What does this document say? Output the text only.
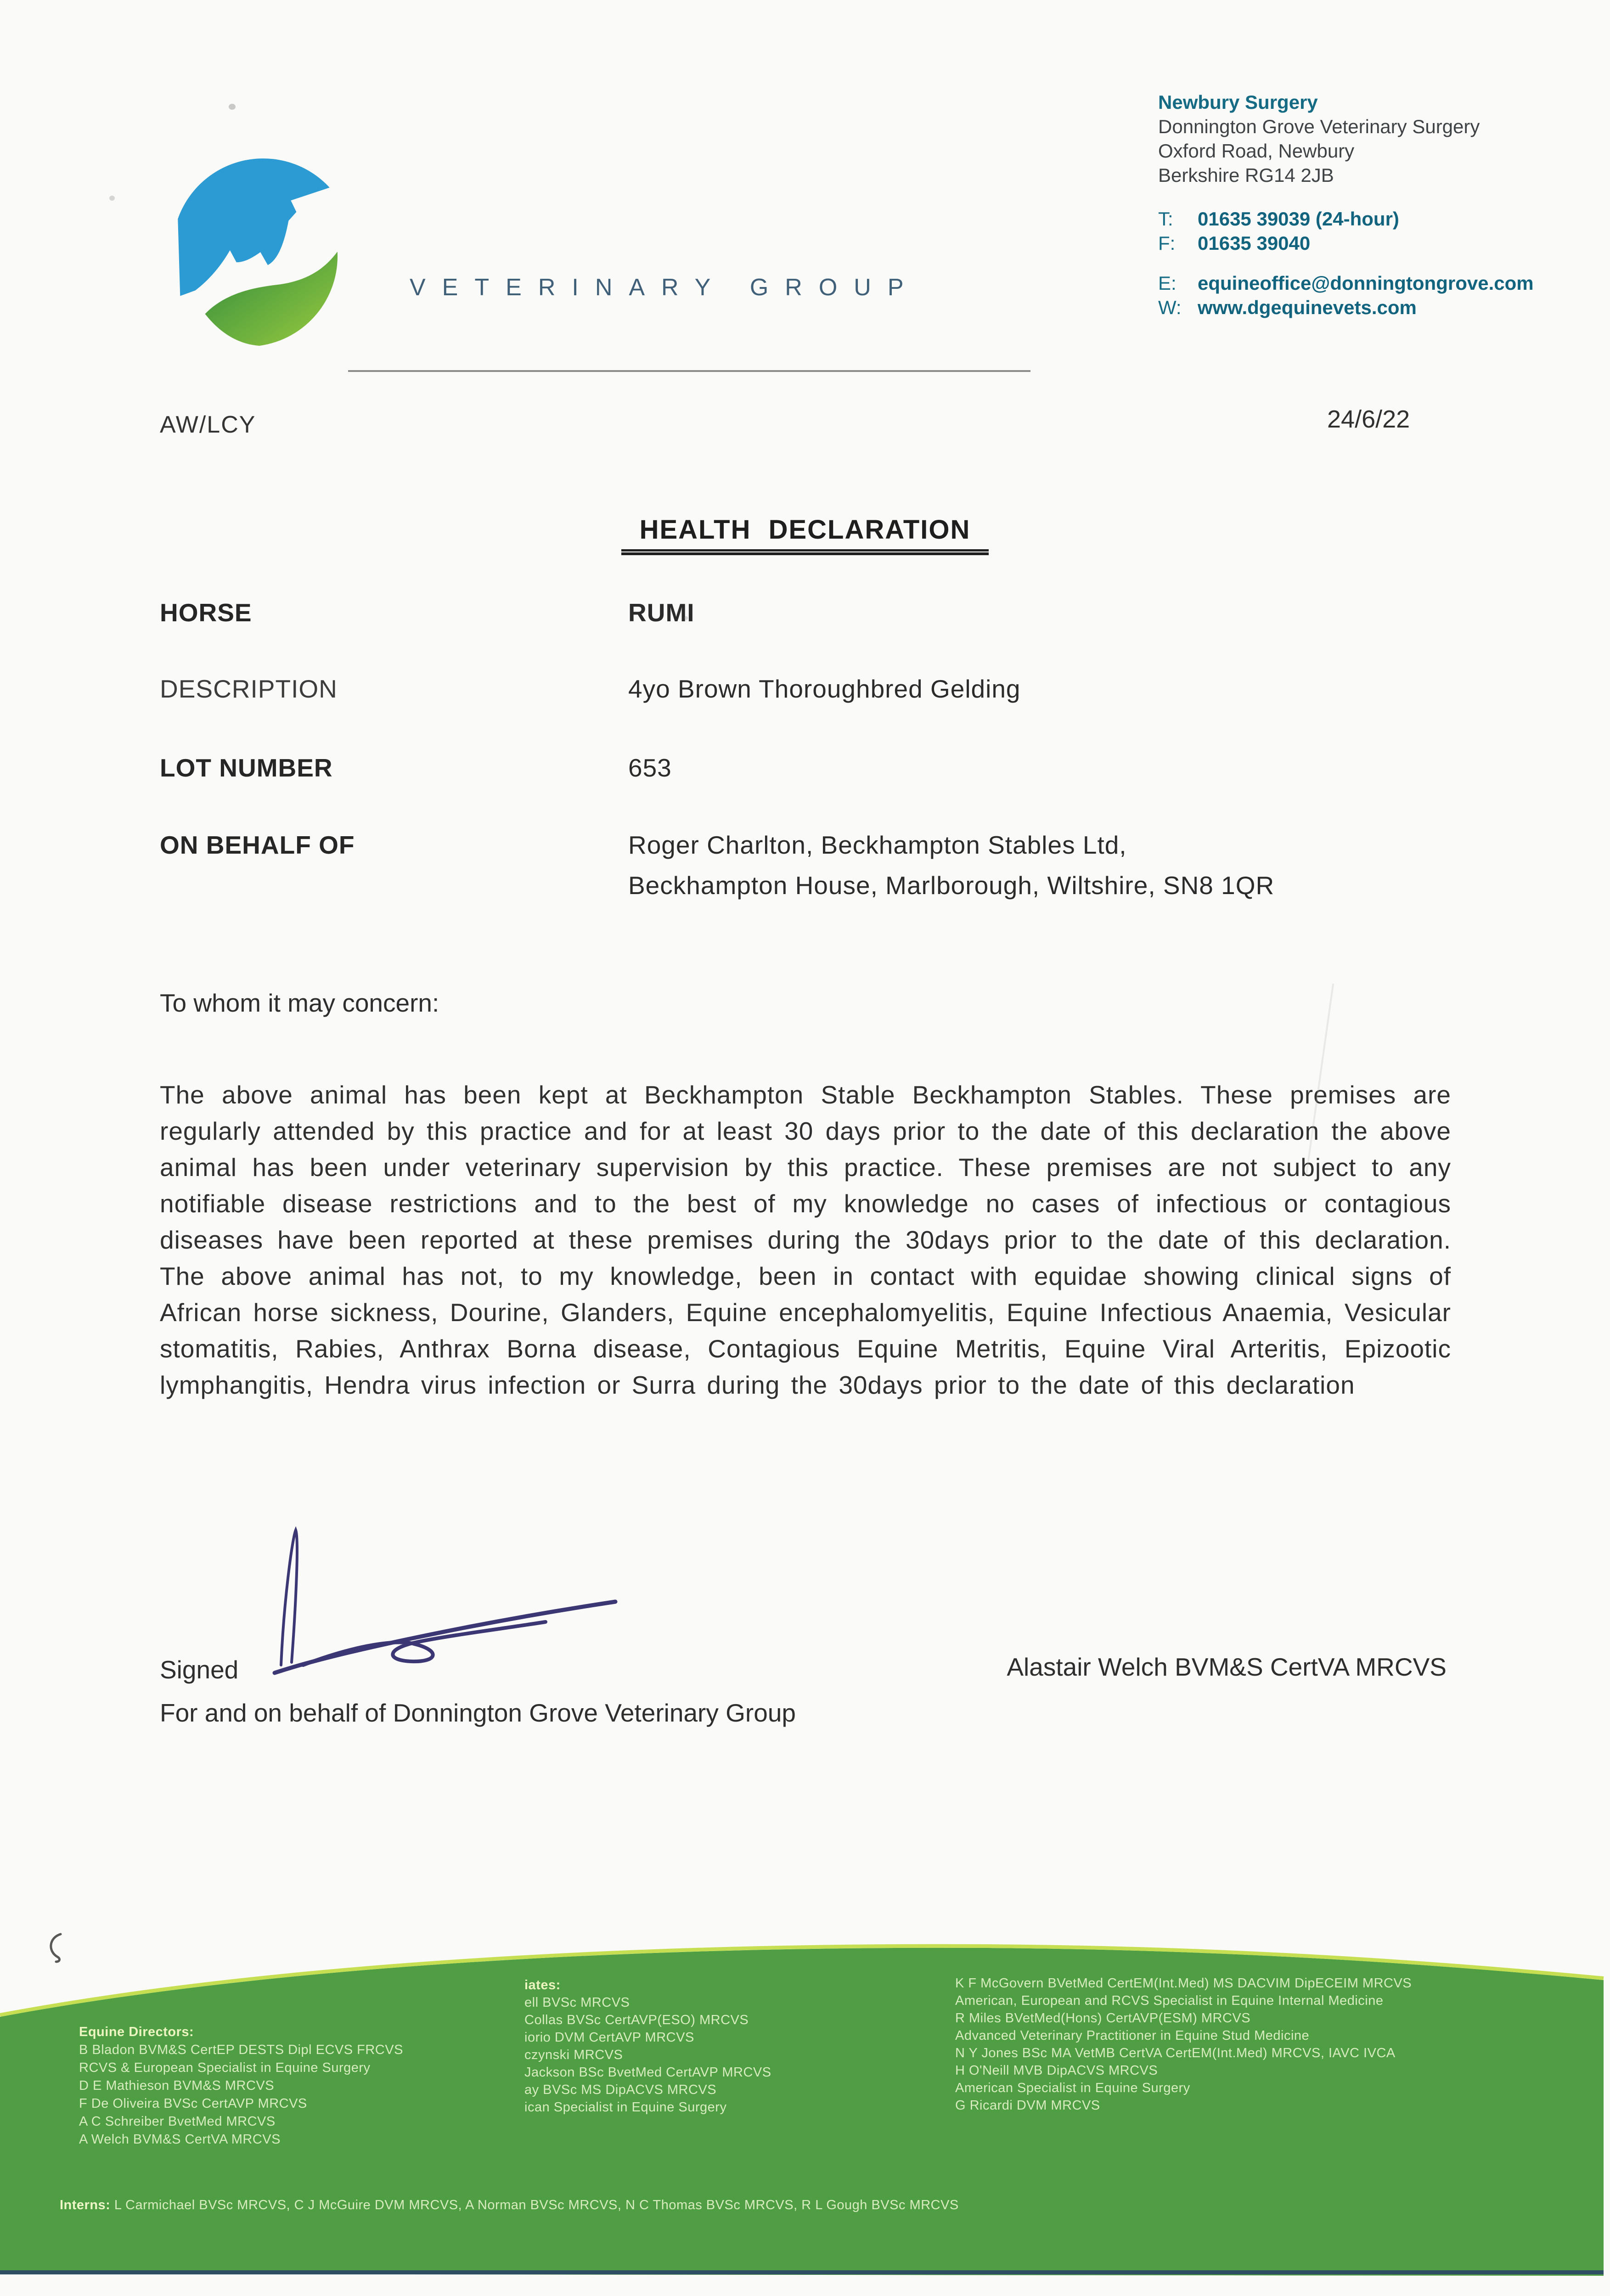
VETERINARY GROUP
Newbury Surgery
Donnington Grove Veterinary Surgery
Oxford Road, Newbury
Berkshire RG14 2JB
T:	01635 39039 (24-hour)
F:	01635 39040
E:	equineoffice@donningtongrove.com
W: www.dgequinevets.com
AW/LCY	24/6/22
HEALTH DECLARATION
HORSE	RUMI
DESCRIPTION	4yo Brown Thoroughbred Gelding
LOT NUMBER	653
ON BEHALF OF	Roger Charlton, Beckhampton Stables Ltd,
Beckhampton House, Marlborough, Wiltshire, SN8 1QR
To whom it may concern:
The above animal has been kept at Beckhampton Stable Beckhampton Stables. These premises are regularly attended by this practice and for at least 30 days prior to the date of this declaration the above animal has been under veterinary supervision by this practice. These premises are not subject to any notifiable disease restrictions and to the best of my knowledge no cases of infectious or contagious diseases have been reported at these premises during the 30days prior to the date of this declaration. The above animal has not, to my knowledge, been in contact with equidae showing clinical signs of African horse sickness, Dourine, Glanders, Equine encephalomyelitis, Equine Infectious Anaemia, Vesicular stomatitis, Rabies, Anthrax Borna disease, Contagious Equine Metritis, Equine Viral Arteritis, Epizootic lymphangitis, Hendra virus infection or Surra during the 30days prior to the date of this declaration
Signed	Alastair Welch BVM&S CertVA MRCVS
For and on behalf of Donnington Grove Veterinary Group
Equine Directors:
B Bladon BVM&S CertEP DESTS Dipl ECVS FRCVS
RCVS & European Specialist in Equine Surgery
D E Mathieson BVM&S MRCVS
F De Oliveira BVSc CertAVP MRCVS
A C Schreiber BvetMed MRCVS
A Welch BVM&S CertVA MRCVS
iates:
ell BVSc MRCVS
Collas BVSc CertAVP(ESO) MRCVS
iorio DVM CertAVP MRCVS
czynski MRCVS
Jackson BSc BvetMed CertAVP MRCVS
ay BVSc MS DipACVS MRCVS
ican Specialist in Equine Surgery
K F McGovern BVetMed CertEM(Int.Med) MS DACVIM DipECEIM MRCVS
American, European and RCVS Specialist in Equine Internal Medicine
R Miles BVetMed(Hons) CertAVP(ESM) MRCVS
Advanced Veterinary Practitioner in Equine Stud Medicine
N Y Jones BSc MA VetMB CertVA CertEM(Int.Med) MRCVS, IAVC IVCA
H O'Neill MVB DipACVS MRCVS
American Specialist in Equine Surgery
G Ricardi DVM MRCVS
Interns: L Carmichael BVSc MRCVS, C J McGuire DVM MRCVS, A Norman BVSc MRCVS, N C Thomas BVSc MRCVS, R L Gough BVSc MRCVS
